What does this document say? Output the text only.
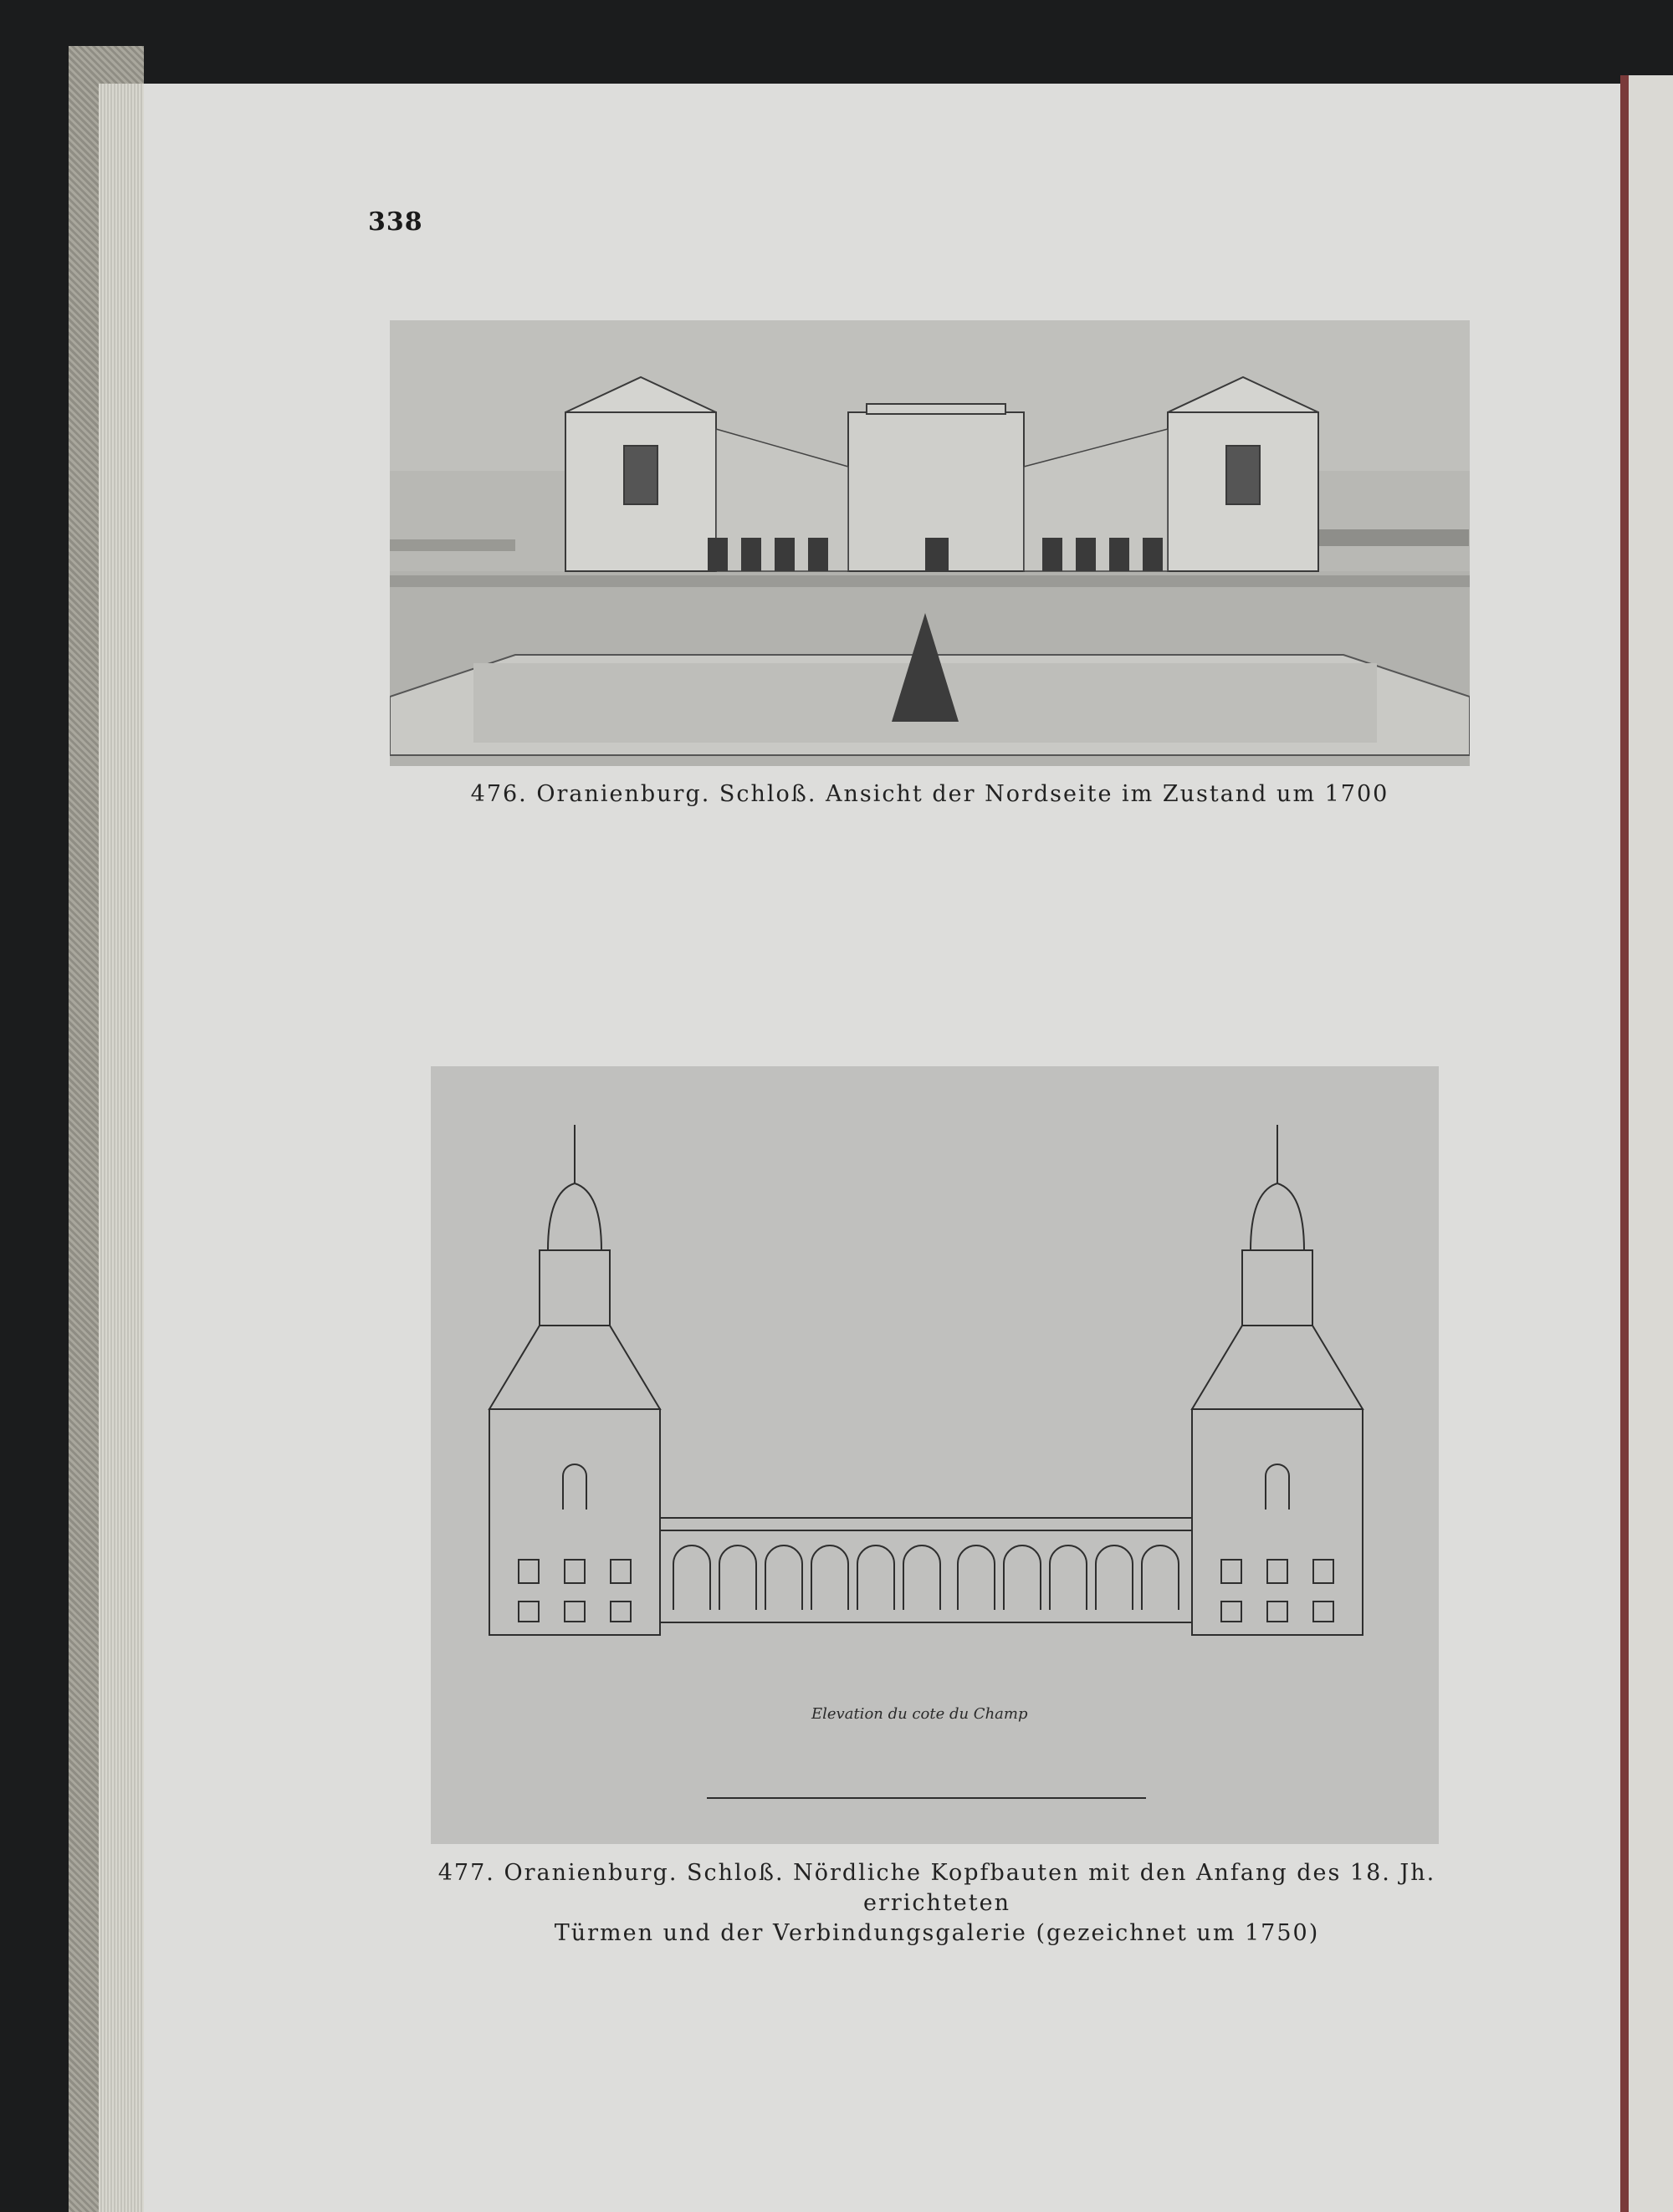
338
476. Oranienburg. Schloß. Ansicht der Nordseite im Zustand um 1700
Elevation du cote du Champ
477. Oranienburg. Schloß. Nördliche Kopfbauten mit den Anfang des 18. Jh. errichteten
Türmen und der Verbindungsgalerie (gezeichnet um 1750)
